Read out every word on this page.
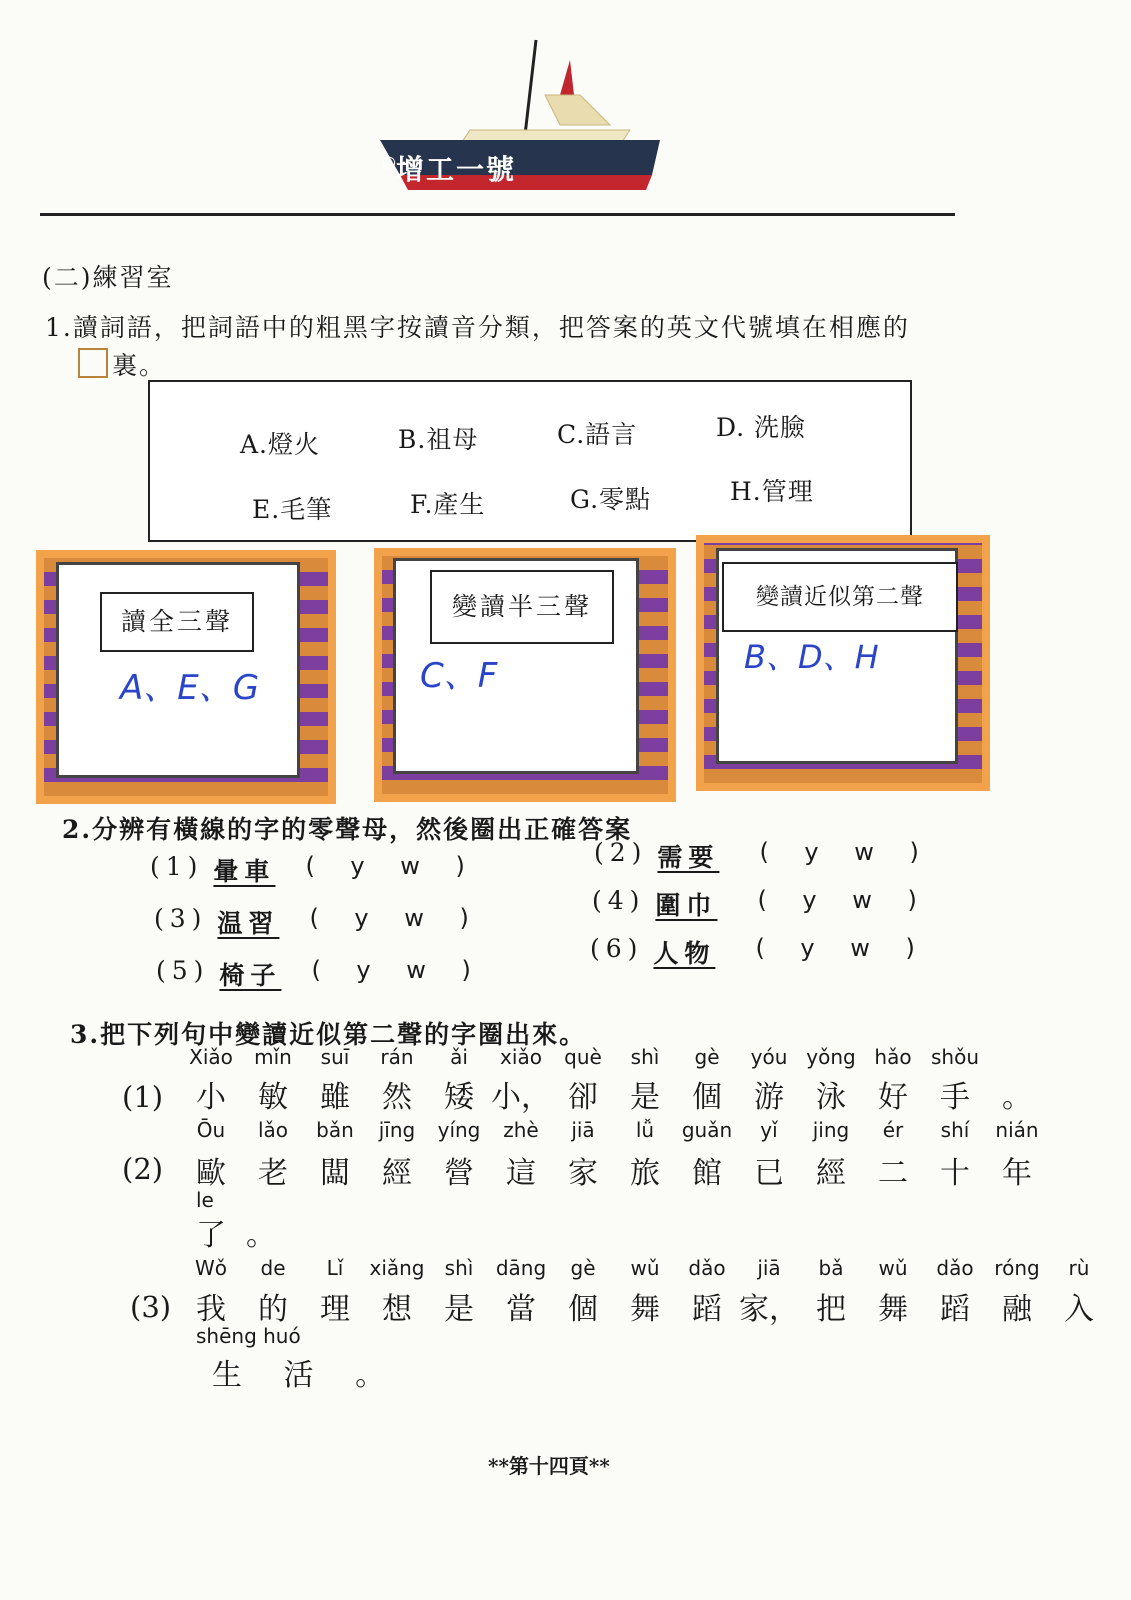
增工一號
○
(二)練習室
1.讀詞語，把詞語中的粗黑字按讀音分類，把答案的英文代號填在相應的
裏。
A.燈火	B.祖母	C.語言	D. 洗臉
E.毛筆	F.產生	G.零點	H.管理
讀全三聲
A、E、G
變讀半三聲
C、F
變讀近似第二聲
B、D、H
2.分辨有橫線的字的零聲母，然後圈出正確答案
(1) 暈車 ( y w )	(2) 需要 ( y w )
(3) 温習 ( y w )
(4) 圍巾 ( y w )
(5) 椅子 ( y w )
(6) 人物 ( y w )
3.把下列句中變讀近似第二聲的字圈出來。
Xiǎo	mǐn	suī	rán	ǎi	xiǎo	què	shì	gè	yóu yǒng hǎo shǒu
(1)	小	敏	雖	然	矮 小， 卻	是	個	游	泳	好	手	。
Ōu	lǎo	bǎn	jīng	yíng	zhè	jiā	lǚ	guǎn	yǐ	jing	ér	shí	nián
(2)	歐	老	闆	經	營	這	家	旅	館	已	經	二	十	年
le
了。
Wǒ	de	Lǐ	xiǎng	shì	dāng	gè	wǔ	dǎo	jiā	bǎ	wǔ	dǎo	róng	rù
(3) 我	的	理	想	是	當	個	舞	蹈 家， 把	舞	蹈	融	入
shēng huó
生 活 。
**第十四頁**
